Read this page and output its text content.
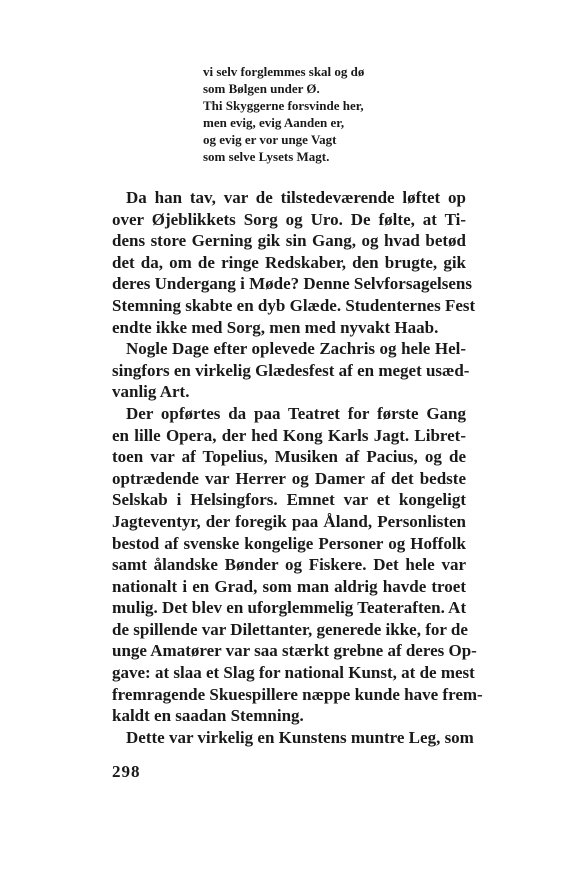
vi selv forglemmes skal og dø
som Bølgen under Ø.
Thi Skyggerne forsvinde her,
men evig, evig Aanden er,
og evig er vor unge Vagt
som selve Lysets Magt.
Da han tav, var de tilstedeværende løftet op
over Øjeblikkets Sorg og Uro. De følte, at Ti-
dens store Gerning gik sin Gang, og hvad betød
det da, om de ringe Redskaber, den brugte, gik
deres Undergang i Møde? Denne Selvforsagelsens
Stemning skabte en dyb Glæde. Studenternes Fest
endte ikke med Sorg, men med nyvakt Haab.
Nogle Dage efter oplevede Zachris og hele Hel-
singfors en virkelig Glædesfest af en meget usæd-
vanlig Art.
Der opførtes da paa Teatret for første Gang
en lille Opera, der hed Kong Karls Jagt. Libret-
toen var af Topelius, Musiken af Pacius, og de
optrædende var Herrer og Damer af det bedste
Selskab i Helsingfors. Emnet var et kongeligt
Jagteventyr, der foregik paa Åland, Personlisten
bestod af svenske kongelige Personer og Hoffolk
samt ålandske Bønder og Fiskere. Det hele var
nationalt i en Grad, som man aldrig havde troet
mulig. Det blev en uforglemmelig Teateraften. At
de spillende var Dilettanter, generede ikke, for de
unge Amatører var saa stærkt grebne af deres Op-
gave: at slaa et Slag for national Kunst, at de mest
fremragende Skuespillere næppe kunde have frem-
kaldt en saadan Stemning.
Dette var virkelig en Kunstens muntre Leg, som
298
